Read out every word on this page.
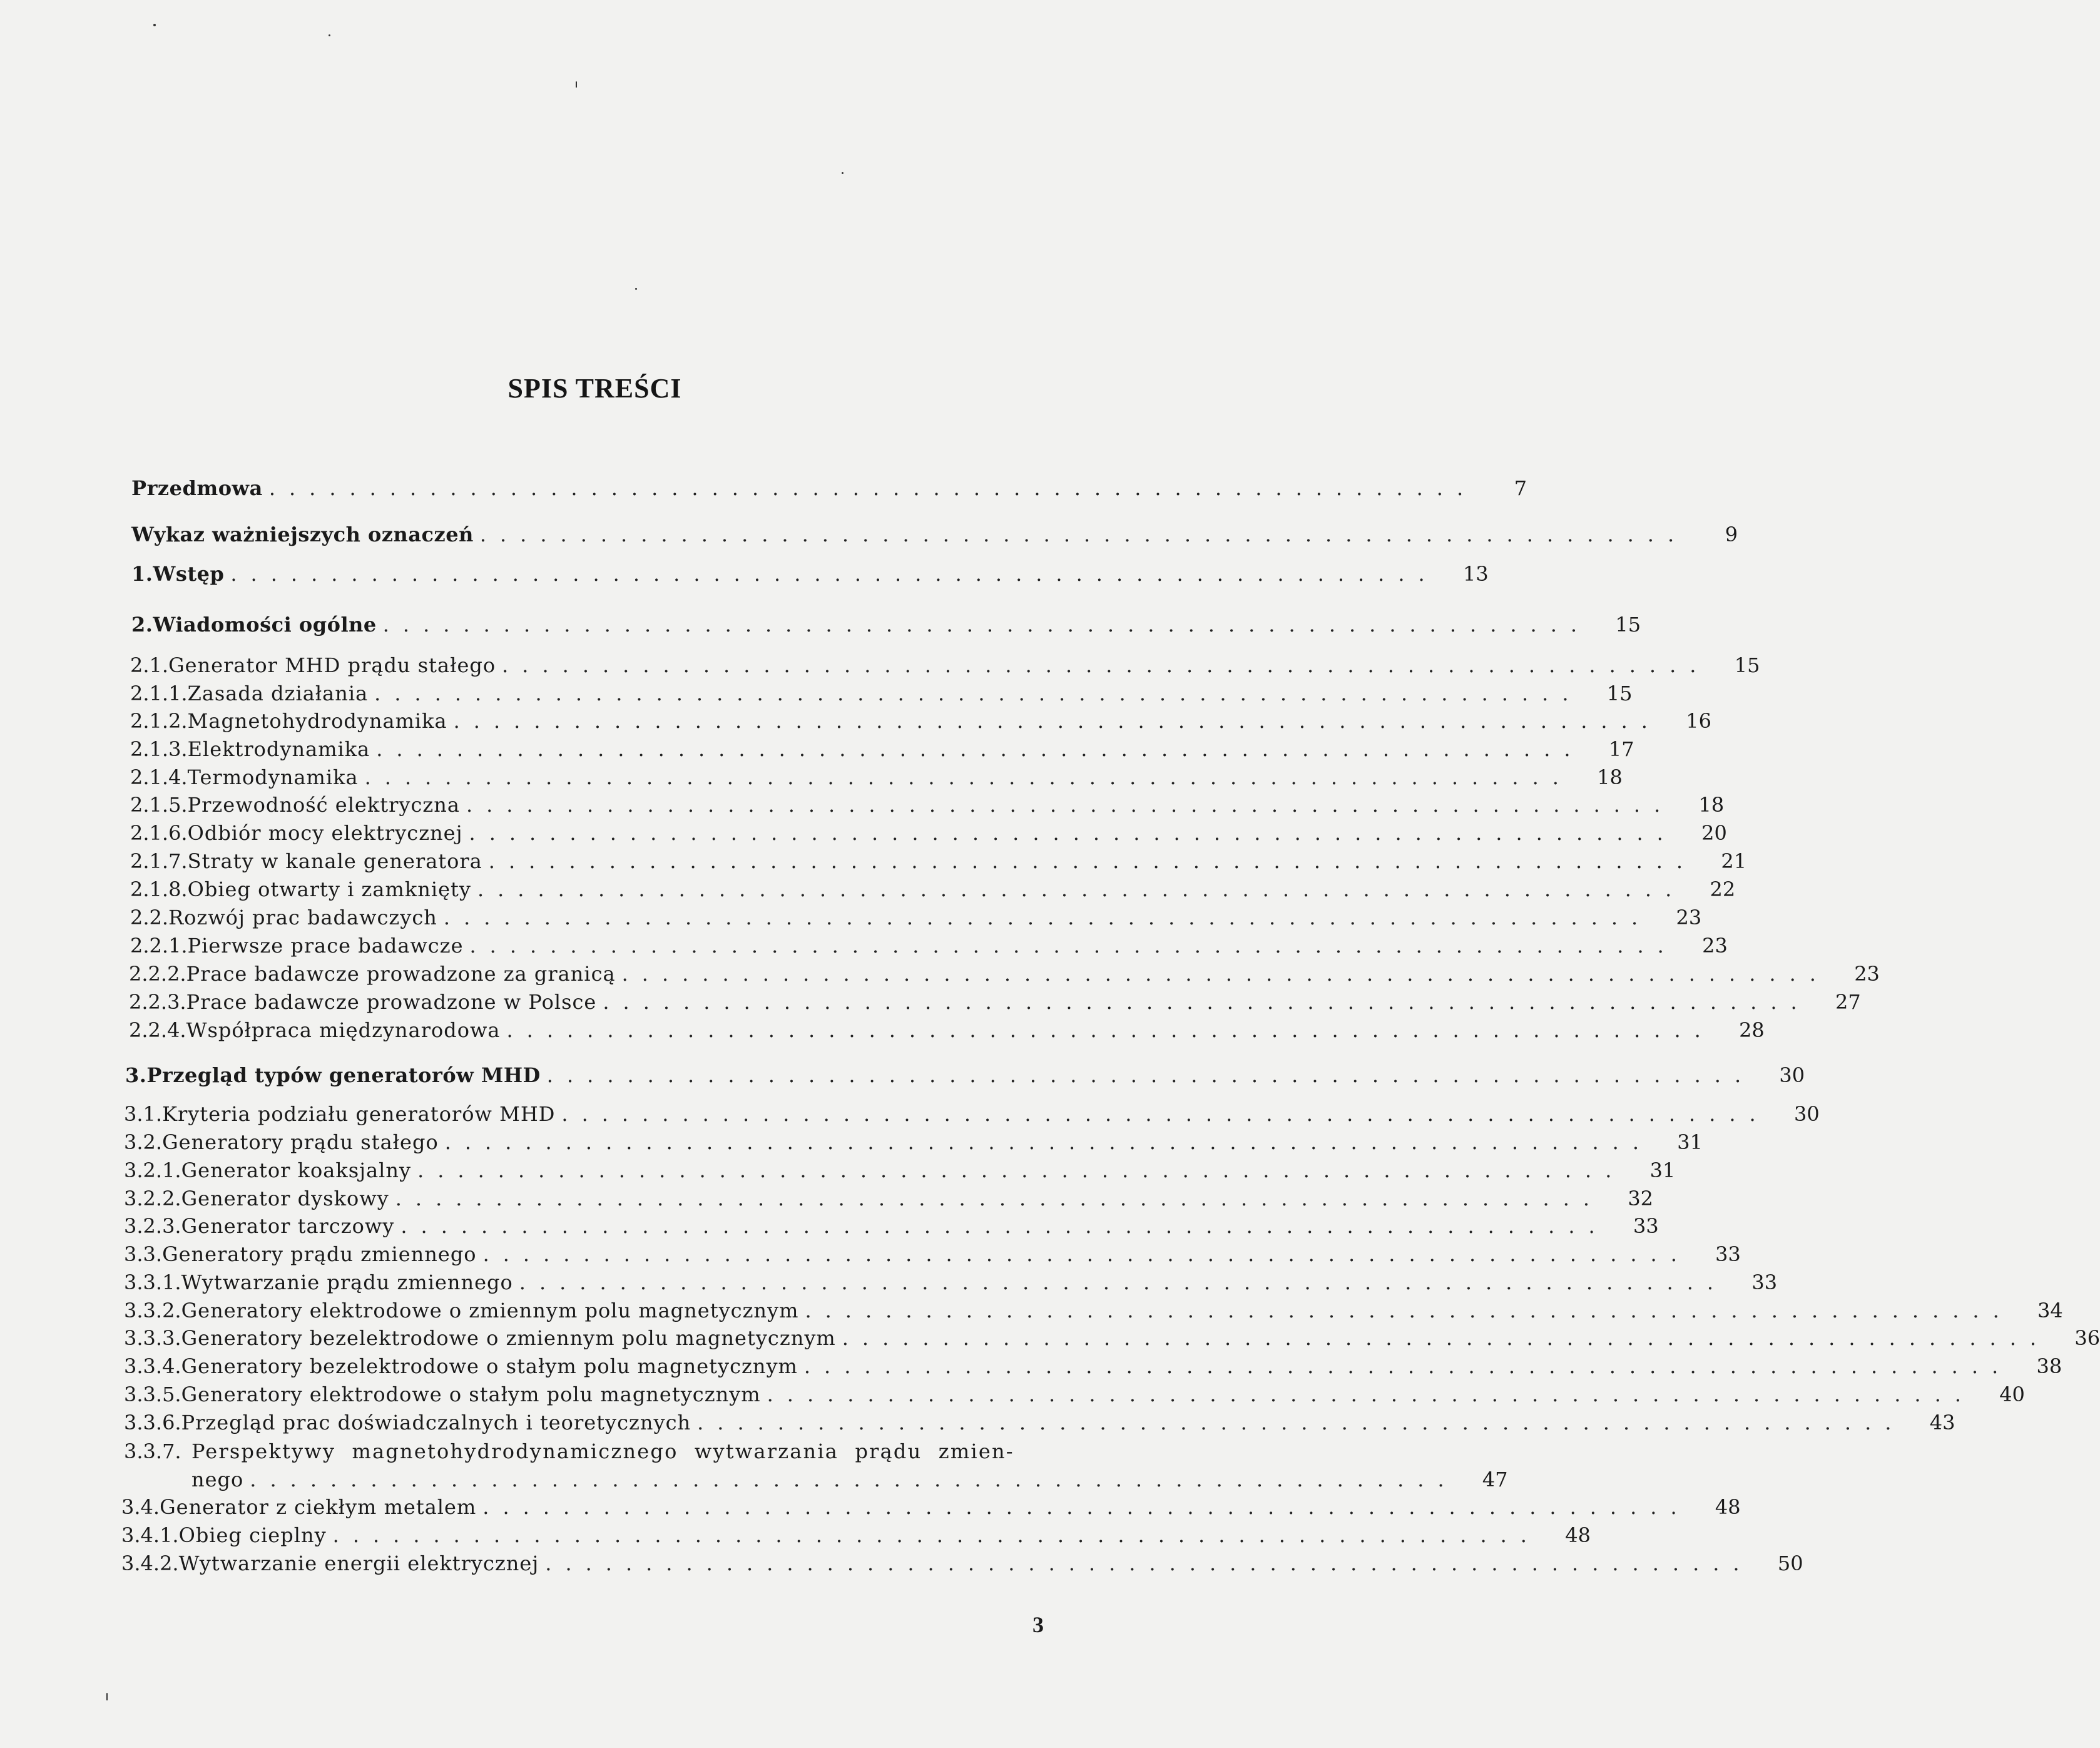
SPIS TREŚCI
Przedmowa ............................................................	7
Wykaz ważniejszych oznaczeń ............................................................	9
1. Wstęp ............................................................	13
2. Wiadomości ogólne ............................................................	15
2.1. Generator MHD prądu stałego ............................................................	15
2.1.1. Zasada działania ............................................................	15
2.1.2. Magnetohydrodynamika ............................................................	16
2.1.3. Elektrodynamika ............................................................	17
2.1.4. Termodynamika ............................................................	18
2.1.5. Przewodność elektryczna ............................................................	18
2.1.6. Odbiór mocy elektrycznej ............................................................	20
2.1.7. Straty w kanale generatora ............................................................	21
2.1.8. Obieg otwarty i zamknięty ............................................................	22
2.2. Rozwój prac badawczych ............................................................	23
2.2.1. Pierwsze prace badawcze ............................................................	23
2.2.2. Prace badawcze prowadzone za granicą ............................................................	23
2.2.3. Prace badawcze prowadzone w Polsce ............................................................	27
2.2.4. Współpraca międzynarodowa ............................................................	28
3. Przegląd typów generatorów MHD ............................................................	30
3.1. Kryteria podziału generatorów MHD ............................................................	30
3.2. Generatory prądu stałego ............................................................	31
3.2.1. Generator koaksjalny ............................................................	31
3.2.2. Generator dyskowy ............................................................	32
3.2.3. Generator tarczowy ............................................................	33
3.3. Generatory prądu zmiennego ............................................................	33
3.3.1. Wytwarzanie prądu zmiennego ............................................................	33
3.3.2. Generatory elektrodowe o zmiennym polu magnetycznym ............................................................	34
3.3.3. Generatory bezelektrodowe o zmiennym polu magnetycznym ............................................................	36
3.3.4. Generatory bezelektrodowe o stałym polu magnetycznym ............................................................	38
3.3.5. Generatory elektrodowe o stałym polu magnetycznym ............................................................	40
3.3.6. Przegląd prac doświadczalnych i teoretycznych ............................................................	43
3.3.7. Perspektywy magnetohydrodynamicznego wytwarzania prądu zmien-
nego ............................................................	47
3.4. Generator z ciekłym metalem ............................................................	48
3.4.1. Obieg cieplny ............................................................	48
3.4.2. Wytwarzanie energii elektrycznej ............................................................	50
3
